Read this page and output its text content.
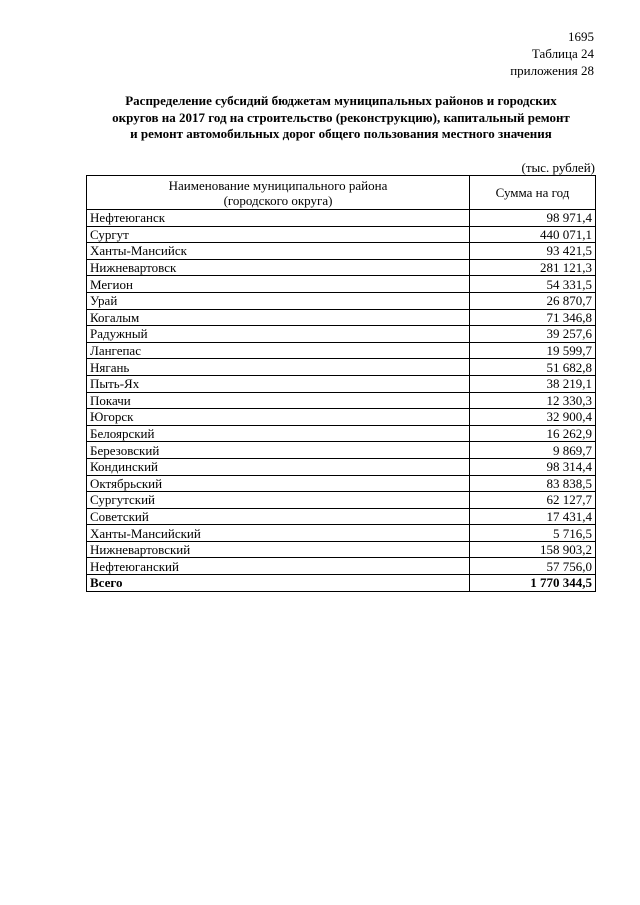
1695
Таблица 24
приложения 28
Распределение субсидий бюджетам муниципальных районов и городских
округов на 2017 год на строительство (реконструкцию), капитальный ремонт
и ремонт автомобильных дорог общего пользования местного значения
(тыс. рублей)
Наименование муниципального района
(городского округа)	Сумма на год
Нефтеюганск	98 971,4
Сургут	440 071,1
Ханты-Мансийск	93 421,5
Нижневартовск	281 121,3
Мегион	54 331,5
Урай	26 870,7
Когалым	71 346,8
Радужный	39 257,6
Лангепас	19 599,7
Нягань	51 682,8
Пыть-Ях	38 219,1
Покачи	12 330,3
Югорск	32 900,4
Белоярский	16 262,9
Березовский	9 869,7
Кондинский	98 314,4
Октябрьский	83 838,5
Сургутский	62 127,7
Советский	17 431,4
Ханты-Мансийский	5 716,5
Нижневартовский	158 903,2
Нефтеюганский	57 756,0
Всего	1 770 344,5
